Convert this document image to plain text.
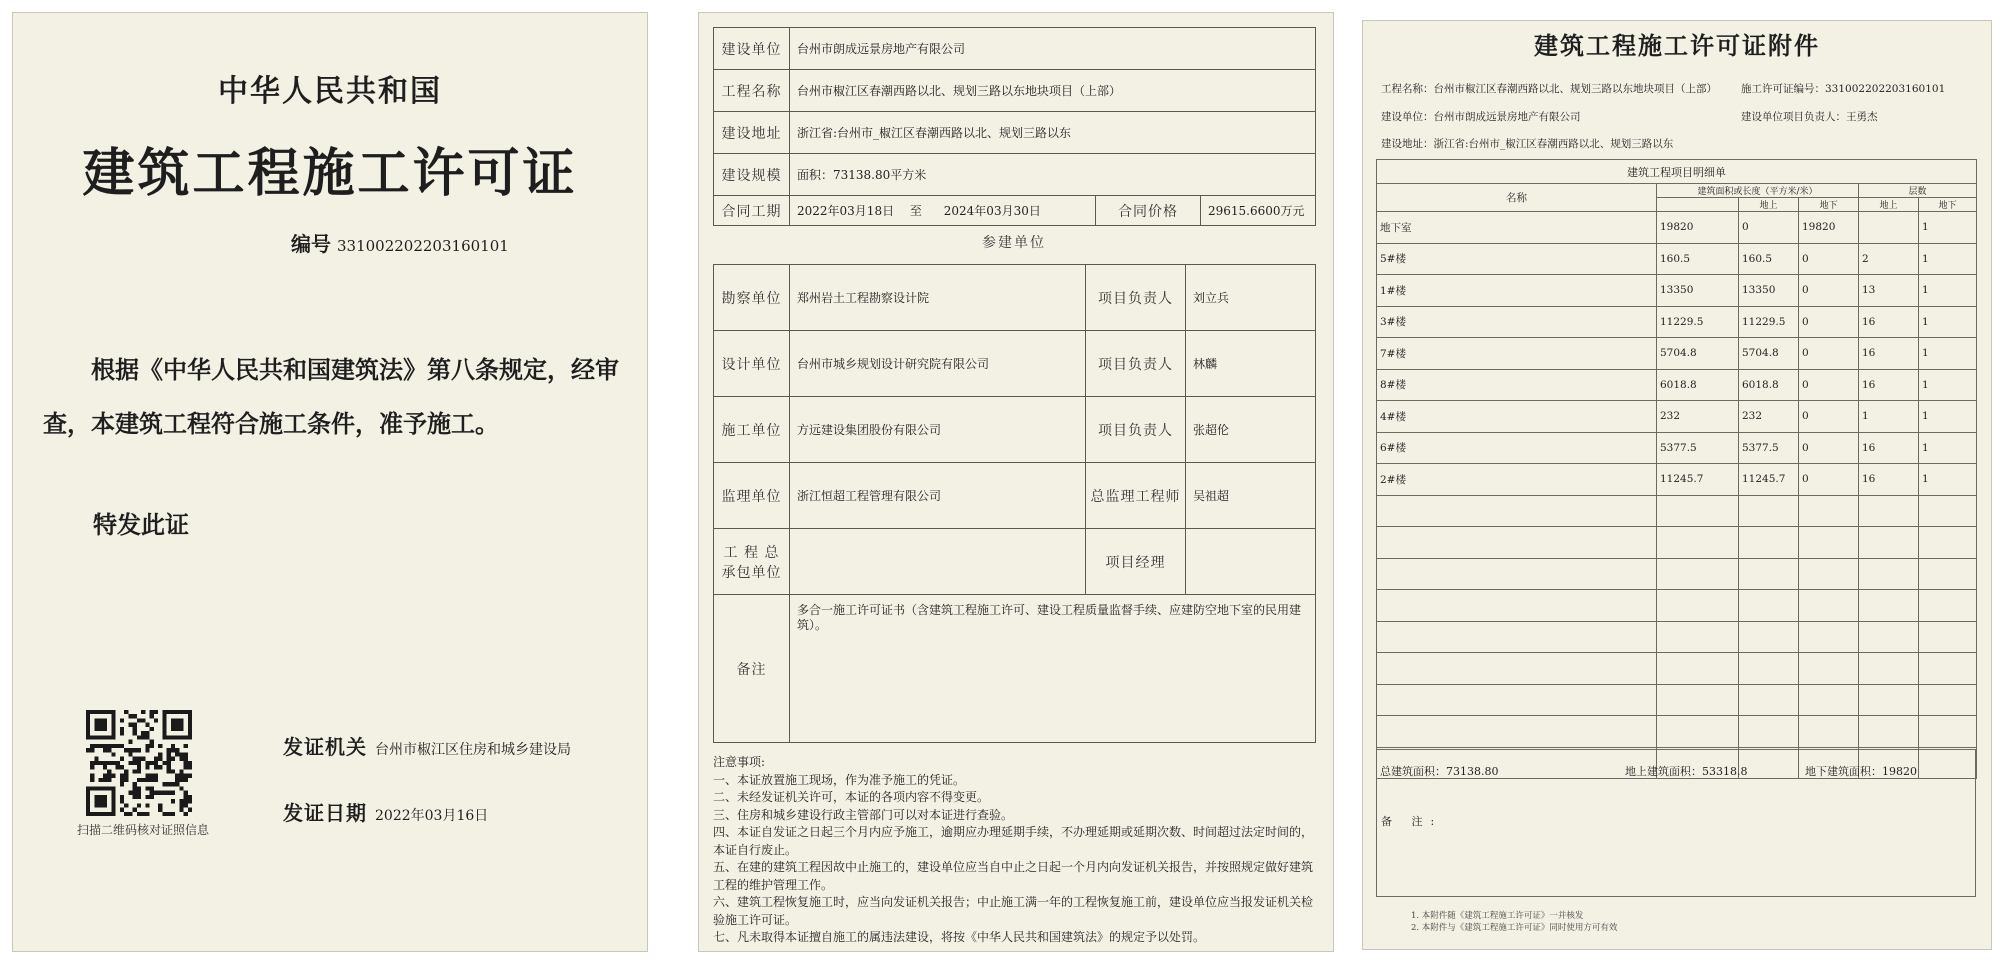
中华人民共和国
建筑工程施工许可证
编号 331002202203160101
根据《中华人民共和国建筑法》第八条规定，经审查，本建筑工程符合施工条件，准予施工。
特发此证
扫描二维码核对证照信息
发证机关 台州市椒江区住房和城乡建设局
发证日期 2022年03月16日
建设单位	台州市朗成远景房地产有限公司		
工程名称	台州市椒江区春潮西路以北、规划三路以东地块项目（上部）		
建设地址	浙江省:台州市_椒江区春潮西路以北、规划三路以东		
建设规模	面积：73138.80平方米		
合同工期	2022年03月18日 至 2024年03月30日	合同价格	29615.6600万元
参建单位
勘察单位	郑州岩土工程勘察设计院	项目负责人	刘立兵
设计单位	台州市城乡规划设计研究院有限公司	项目负责人	林麟
施工单位	方远建设集团股份有限公司	项目负责人	张超伦
监理单位	浙江恒超工程管理有限公司	总监理工程师	吴祖超

工 程 总
承包单位		项目经理	
备注	多合一施工许可证书（含建筑工程施工许可、建设工程质量监督手续、应建防空地下室的民用建筑）。		
注意事项:
一、本证放置施工现场，作为准予施工的凭证。
二、未经发证机关许可，本证的各项内容不得变更。
三、住房和城乡建设行政主管部门可以对本证进行查验。
四、本证自发证之日起三个月内应予施工，逾期应办理延期手续，不办理延期或延期次数、时间超过法定时间的，本证自行废止。
五、在建的建筑工程因故中止施工的，建设单位应当自中止之日起一个月内向发证机关报告，并按照规定做好建筑工程的维护管理工作。
六、建筑工程恢复施工时，应当向发证机关报告；中止施工满一年的工程恢复施工前，建设单位应当报发证机关检验施工许可证。
七、凡未取得本证擅自施工的属违法建设，将按《中华人民共和国建筑法》的规定予以处罚。
建筑工程施工许可证附件
工程名称：台州市椒江区春潮西路以北、规划三路以东地块项目（上部） 施工许可证编号：331002202203160101
建设单位：台州市朗成远景房地产有限公司	建设单位项目负责人：王勇杰
建设地址：浙江省:台州市_椒江区春潮西路以北、规划三路以东
建筑工程项目明细单					
名称	建筑面积或长度（平方米/米）			层数	
		地上	地下	地上	地下
地下室	19820	0	19820		1
5#楼	160.5	160.5	0	2	1
1#楼	13350	13350	0	13	1
3#楼	11229.5	11229.5	0	16	1
7#楼	5704.8	5704.8	0	16	1
8#楼	6018.8	6018.8	0	16	1
4#楼	232	232	0	1	1
6#楼	5377.5	5377.5	0	16	1
2#楼	11245.7	11245.7	0	16	1

总建筑面积：73138.80	地上建筑面积：53318.8	地下建筑面积：19820
备 注:
1. 本附件随《建筑工程施工许可证》一并核发
2. 本附件与《建筑工程施工许可证》同时使用方可有效
